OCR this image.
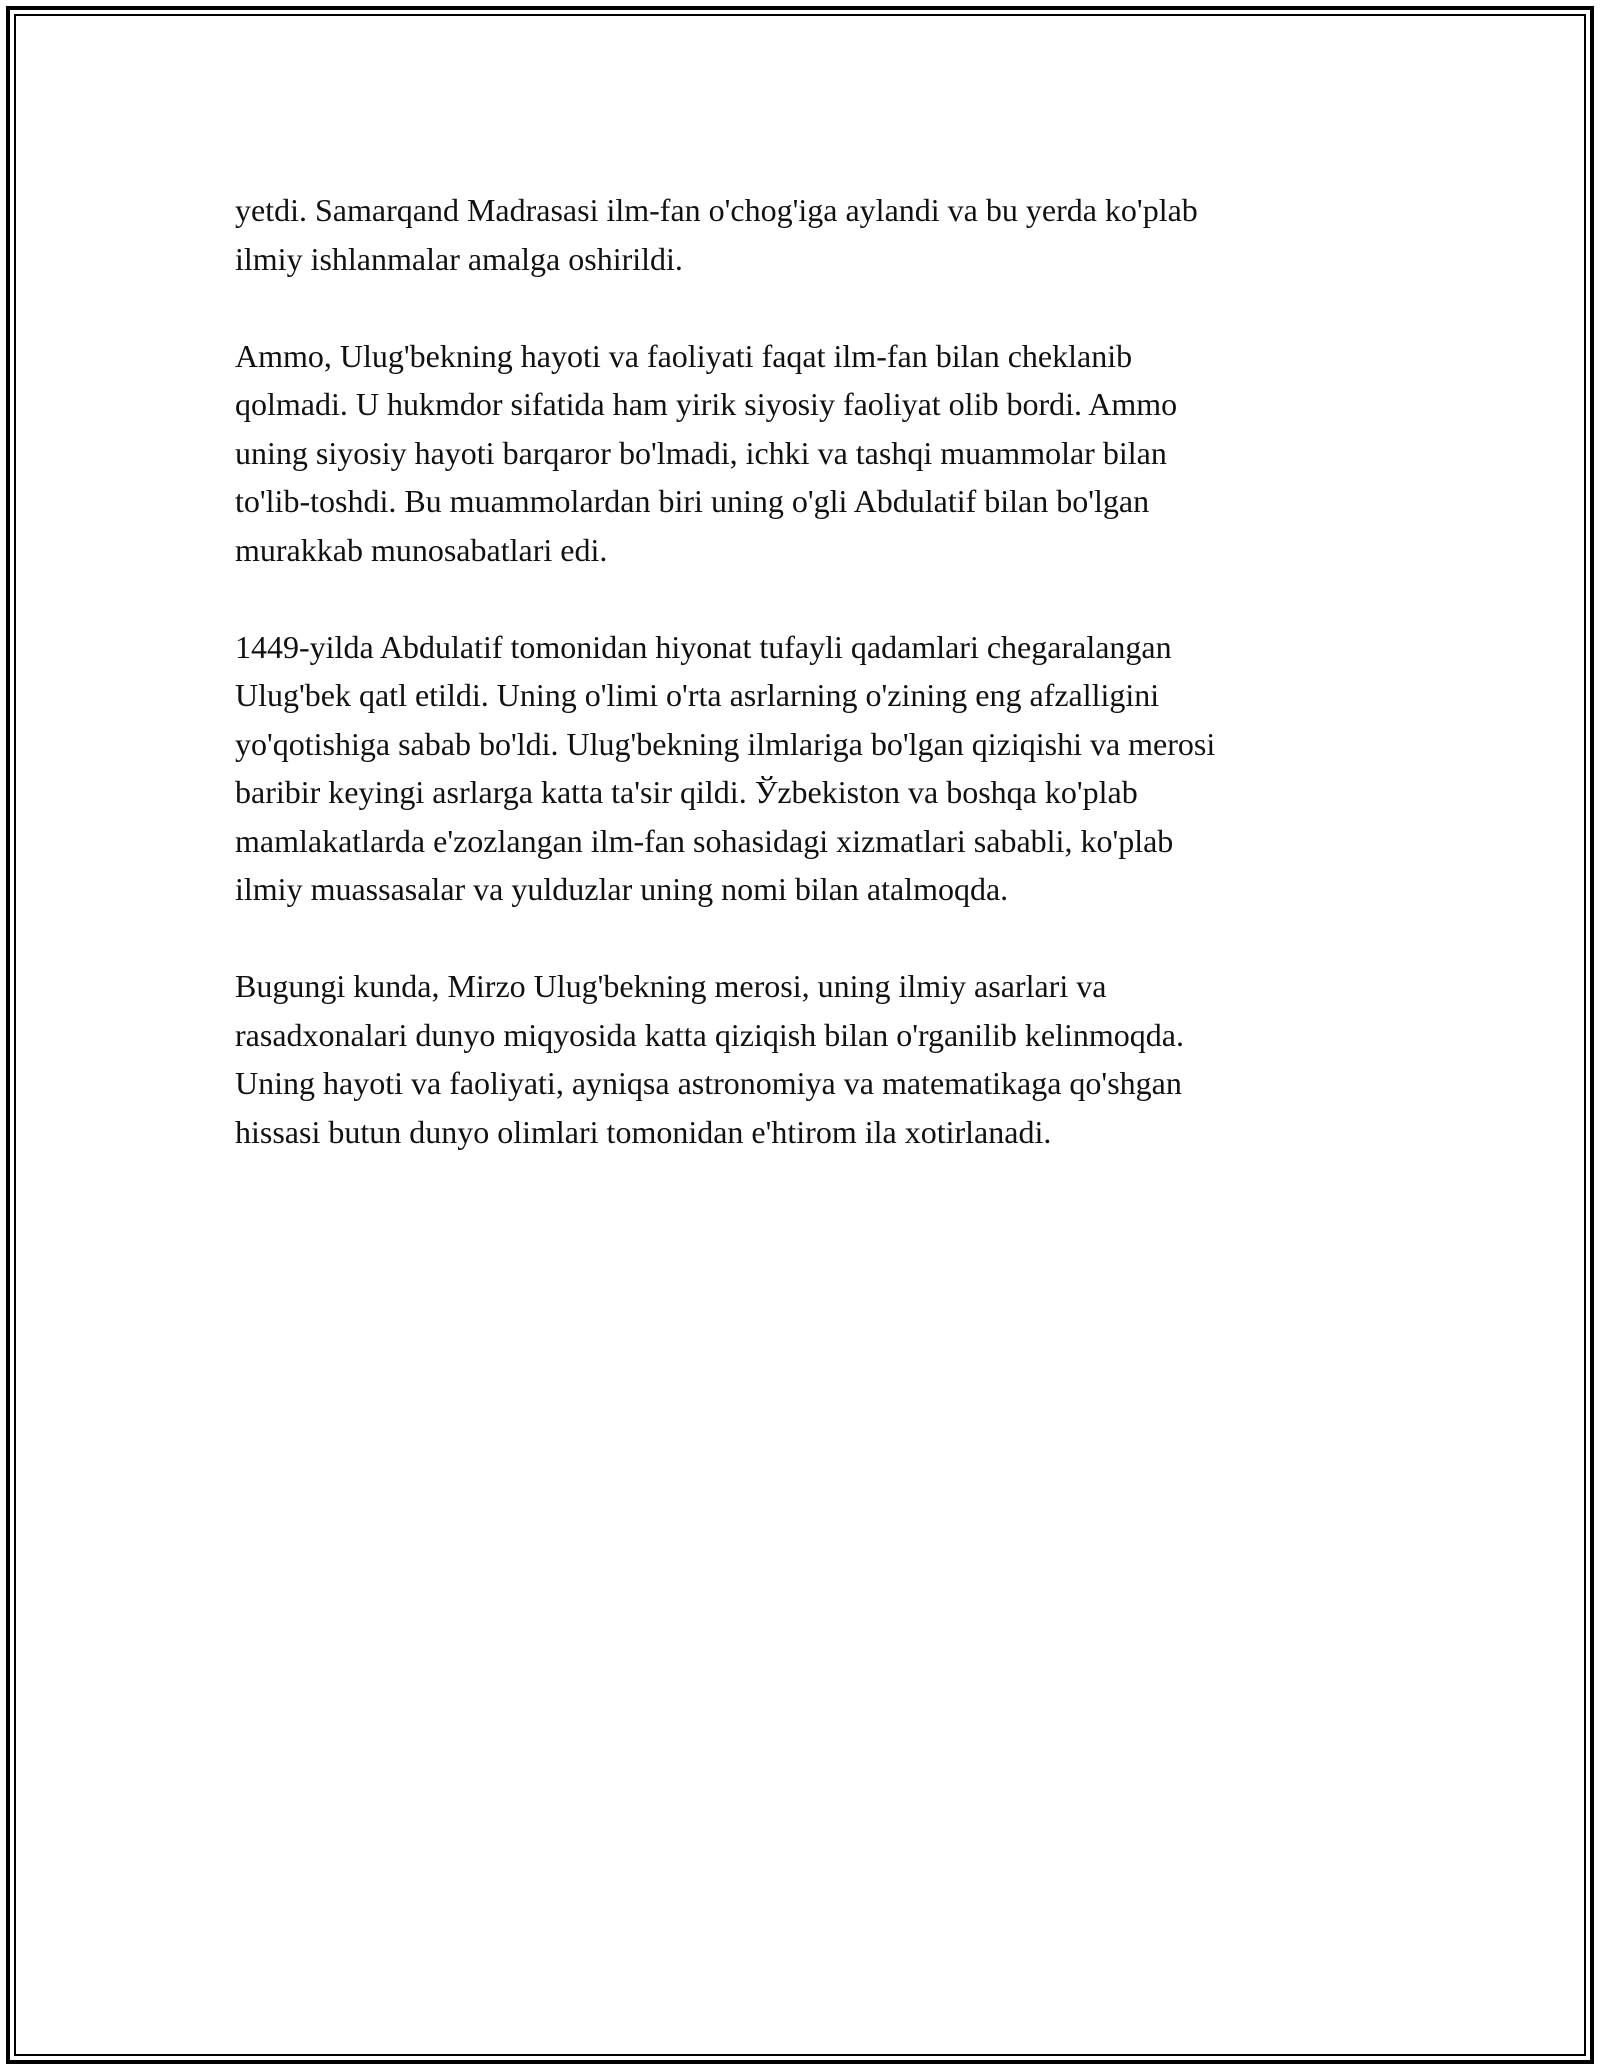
yetdi. Samarqand Madrasasi ilm-fan o'chog'iga aylandi va bu yerda ko'plab
ilmiy ishlanmalar amalga oshirildi.

Ammo, Ulug'bekning hayoti va faoliyati faqat ilm-fan bilan cheklanib
qolmadi. U hukmdor sifatida ham yirik siyosiy faoliyat olib bordi. Ammo
uning siyosiy hayoti barqaror bo'lmadi, ichki va tashqi muammolar bilan
to'lib-toshdi. Bu muammolardan biri uning o'gli Abdulatif bilan bo'lgan
murakkab munosabatlari edi.

1449-yilda Abdulatif tomonidan hiyonat tufayli qadamlari chegaralangan
Ulug'bek qatl etildi. Uning o'limi o'rta asrlarning o'zining eng afzalligini
yo'qotishiga sabab bo'ldi. Ulug'bekning ilmlariga bo'lgan qiziqishi va merosi
baribir keyingi asrlarga katta ta'sir qildi. Ўzbekiston va boshqa ko'plab
mamlakatlarda e'zozlangan ilm-fan sohasidagi xizmatlari sababli, ko'plab
ilmiy muassasalar va yulduzlar uning nomi bilan atalmoqda.

Bugungi kunda, Mirzo Ulug'bekning merosi, uning ilmiy asarlari va
rasadxonalari dunyo miqyosida katta qiziqish bilan o'rganilib kelinmoqda.
Uning hayoti va faoliyati, ayniqsa astronomiya va matematikaga qo'shgan
hissasi butun dunyo olimlari tomonidan e'htirom ila xotirlanadi.
